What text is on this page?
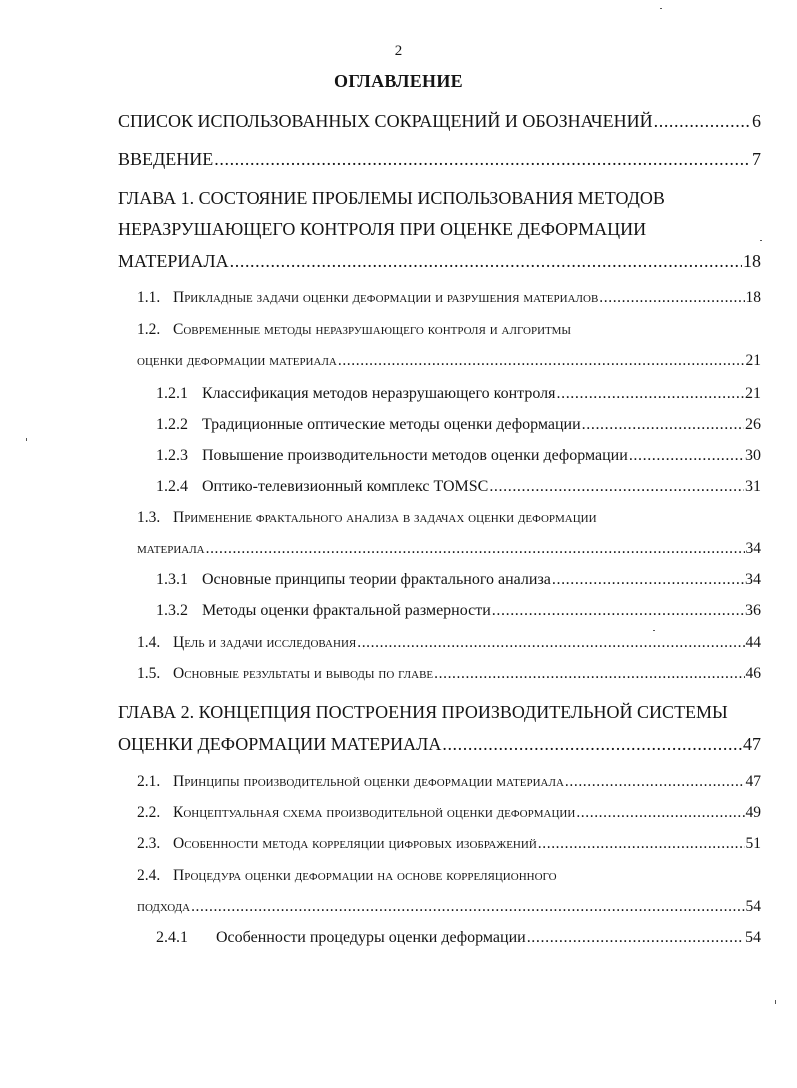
2
ОГЛАВЛЕНИЕ
СПИСОК ИСПОЛЬЗОВАННЫХ СОКРАЩЕНИЙ И ОБОЗНАЧЕНИЙ .....	6
ВВЕДЕНИЕ .....	7
ГЛАВА 1. СОСТОЯНИЕ ПРОБЛЕМЫ ИСПОЛЬЗОВАНИЯ МЕТОДОВ
НЕРАЗРУШАЮЩЕГО КОНТРОЛЯ ПРИ ОЦЕНКЕ ДЕФОРМАЦИИ
МАТЕРИАЛА .....	18
1.1. Прикладные задачи оценки деформации и разрушения материалов .....	18
1.2. Современные методы неразрушающего контроля и алгоритмы
оценки деформации материала .....	21
1.2.1 Классификация методов неразрушающего контроля .....	21
1.2.2 Традиционные оптические методы оценки деформации .....	26
1.2.3 Повышение производительности методов оценки деформации .....	30
1.2.4 Оптико-телевизионный комплекс TOMSC .....	31
1.3. Применение фрактального анализа в задачах оценки деформации
материала .....	34
1.3.1 Основные принципы теории фрактального анализа .....	34
1.3.2 Методы оценки фрактальной размерности .....	36
1.4. Цель и задачи исследования .....	44
1.5. Основные результаты и выводы по главе .....	46
ГЛАВА 2. КОНЦЕПЦИЯ ПОСТРОЕНИЯ ПРОИЗВОДИТЕЛЬНОЙ СИСТЕМЫ
ОЦЕНКИ ДЕФОРМАЦИИ МАТЕРИАЛА .....	47
2.1. Принципы производительной оценки деформации материала .....	47
2.2. Концептуальная схема производительной оценки деформации .....	49
2.3. Особенности метода корреляции цифровых изображений .....	51
2.4. Процедура оценки деформации на основе корреляционного
подхода .....	54
2.4.1 Особенности процедуры оценки деформации .....	54
